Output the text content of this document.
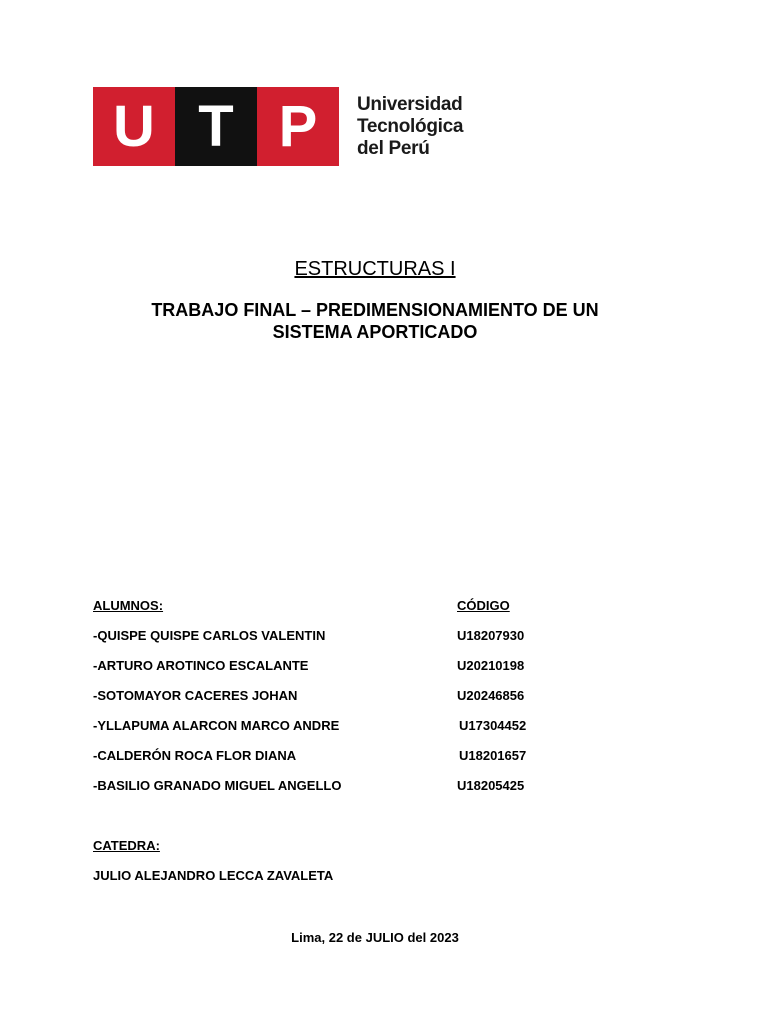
U T P	Universidad
Tecnológica
del Perú
ESTRUCTURAS I
TRABAJO FINAL – PREDIMENSIONAMIENTO DE UN
SISTEMA APORTICADO
ALUMNOS:	CÓDIGO
-QUISPE QUISPE CARLOS VALENTIN	U18207930
-ARTURO AROTINCO ESCALANTE	U20210198
-SOTOMAYOR CACERES JOHAN	U20246856
-YLLAPUMA ALARCON MARCO ANDRE	U17304452
-CALDERÓN ROCA FLOR DIANA	U18201657
-BASILIO GRANADO MIGUEL ANGELLO	U18205425
CATEDRA:
JULIO ALEJANDRO LECCA ZAVALETA
Lima, 22 de JULIO del 2023
